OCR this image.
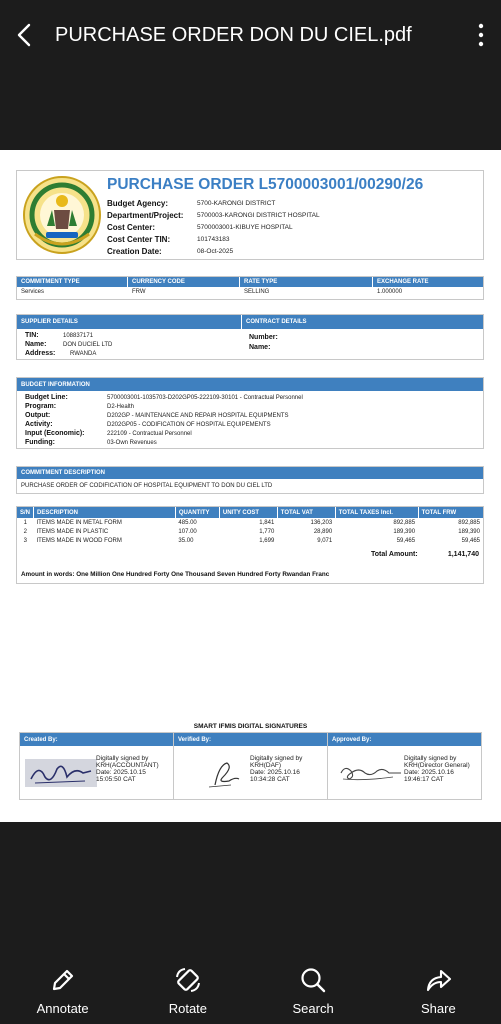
PURCHASE ORDER DON DU CIEL.pdf
PURCHASE ORDER L5700003001/00290/26
Budget Agency:	5700-KARONGI DISTRICT
Department/Project:	5700003-KARONGI DISTRICT HOSPITAL
Cost Center:	5700003001-KIBUYE HOSPITAL
Cost Center TIN:	101743183
Creation Date:	08-Oct-2025
COMMITMENT TYPE	CURRENCY CODE	RATE TYPE	EXCHANGE RATE
Services	FRW	SELLING	1.000000
SUPPLIER DETAILS	CONTRACT DETAILS
TIN:	108837171
Name:	DON DUCIEL LTD
Address:	RWANDA
Number:
Name:
BUDGET INFORMATION
Budget Line:	5700003001-1035703-D202GP05-222109-30101 - Contractual Personnel
Program:	D2-Health
Output:	D202GP - MAINTENANCE AND REPAIR HOSPITAL EQUIPMENTS
Activity:	D202GP05 - CODIFICATION OF HOSPITAL EQUIPEMENTS
Input (Economic):	222109 - Contractual Personnel
Funding:	03-Own Revenues
COMMITMENT DESCRIPTION
PURCHASE ORDER OF CODIFICATION OF HOSPITAL EQUIPMENT TO DON DU CIEL LTD
S/N	DESCRIPTION	QUANTITY	UNITY COST	TOTAL VAT	TOTAL TAXES Incl.	TOTAL FRW
1	ITEMS MADE IN METAL FORM	485.00	1,841	136,203	892,885	892,885
2	ITEMS MADE IN PLASTIC	107.00	1,770	28,890	189,390	189,390
3	ITEMS MADE IN WOOD FORM	35.00	1,699	9,071	59,465	59,465
Total Amount:	1,141,740
Amount in words: One Million One Hundred Forty One Thousand Seven Hundred Forty Rwandan Franc
SMART IFMIS DIGITAL SIGNATURES
Created By:
Digitally signed by
KRH(ACCOUNTANT)
Date: 2025.10.15
15:05:50 CAT
Verified By:
Digitally signed by
KRH(DAF)
Date: 2025.10.16
10:34:28 CAT
Approved By:
Digitally signed by
KRH(Director General)
Date: 2025.10.16
19:46:17 CAT
Annotate	Rotate	Search	Share
